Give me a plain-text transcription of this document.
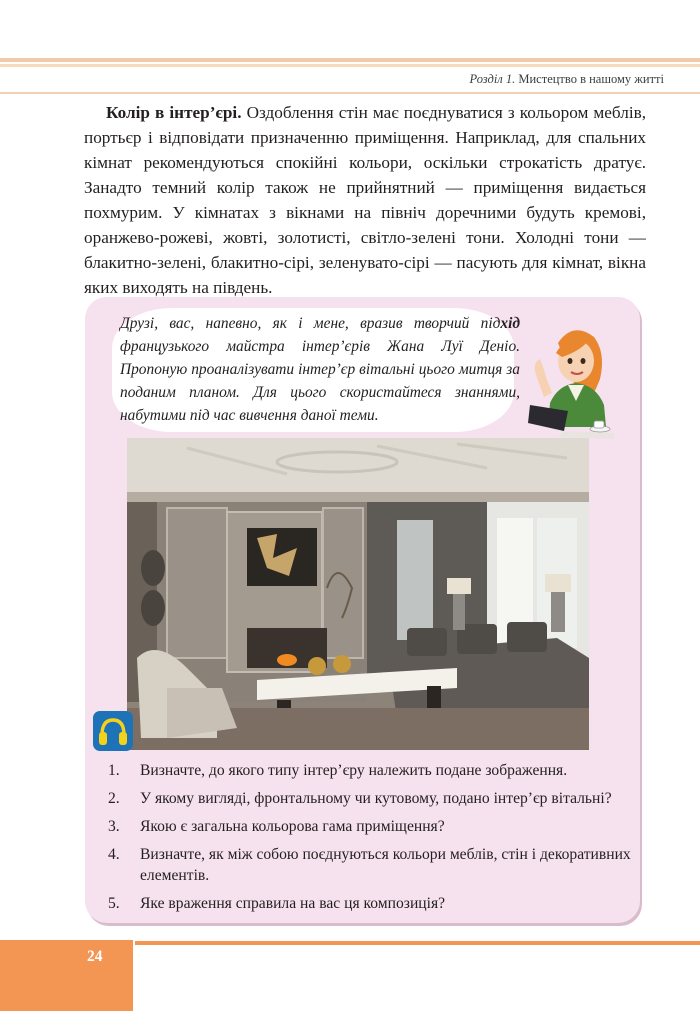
Розділ 1. Мистецтво в нашому житті

Колір в інтер’єрі. Оздоблення стін має поєднуватися з кольором меблів, портьєр і відповідати призначенню приміщення. Наприклад, для спальних кімнат рекомендуються спокійні кольори, оскільки строкатість дратує. Занадто темний колір також не прийнятний — приміщення видається похмурим. У кімнатах з вікнами на північ доречними будуть кремові, оранжево-рожеві, жовті, золотисті, світло-зелені тони. Холодні тони — блакитно-зелені, блакитно-сірі, зеленувато-сірі — пасують для кімнат, вікна яких виходять на південь.

Друзі, вас, напевно, як і мене, вразив творчий підхід французького майстра інтер’єрів Жана Луї Деніо. Пропоную проаналізувати інтер’єр вітальні цього митця за поданим планом. Для цього скористайтеся знаннями, набутими під час вивчення даної теми.

1. Визначте, до якого типу інтер’єру належить подане зображення.
2. У якому вигляді, фронтальному чи кутовому, подано інтер’єр вітальні?
3. Якою є загальна кольорова гама приміщення?
4. Визначте, як між собою поєднуються кольори меблів, стін і декоративних елементів.
5. Яке враження справила на вас ця композиція?
24
